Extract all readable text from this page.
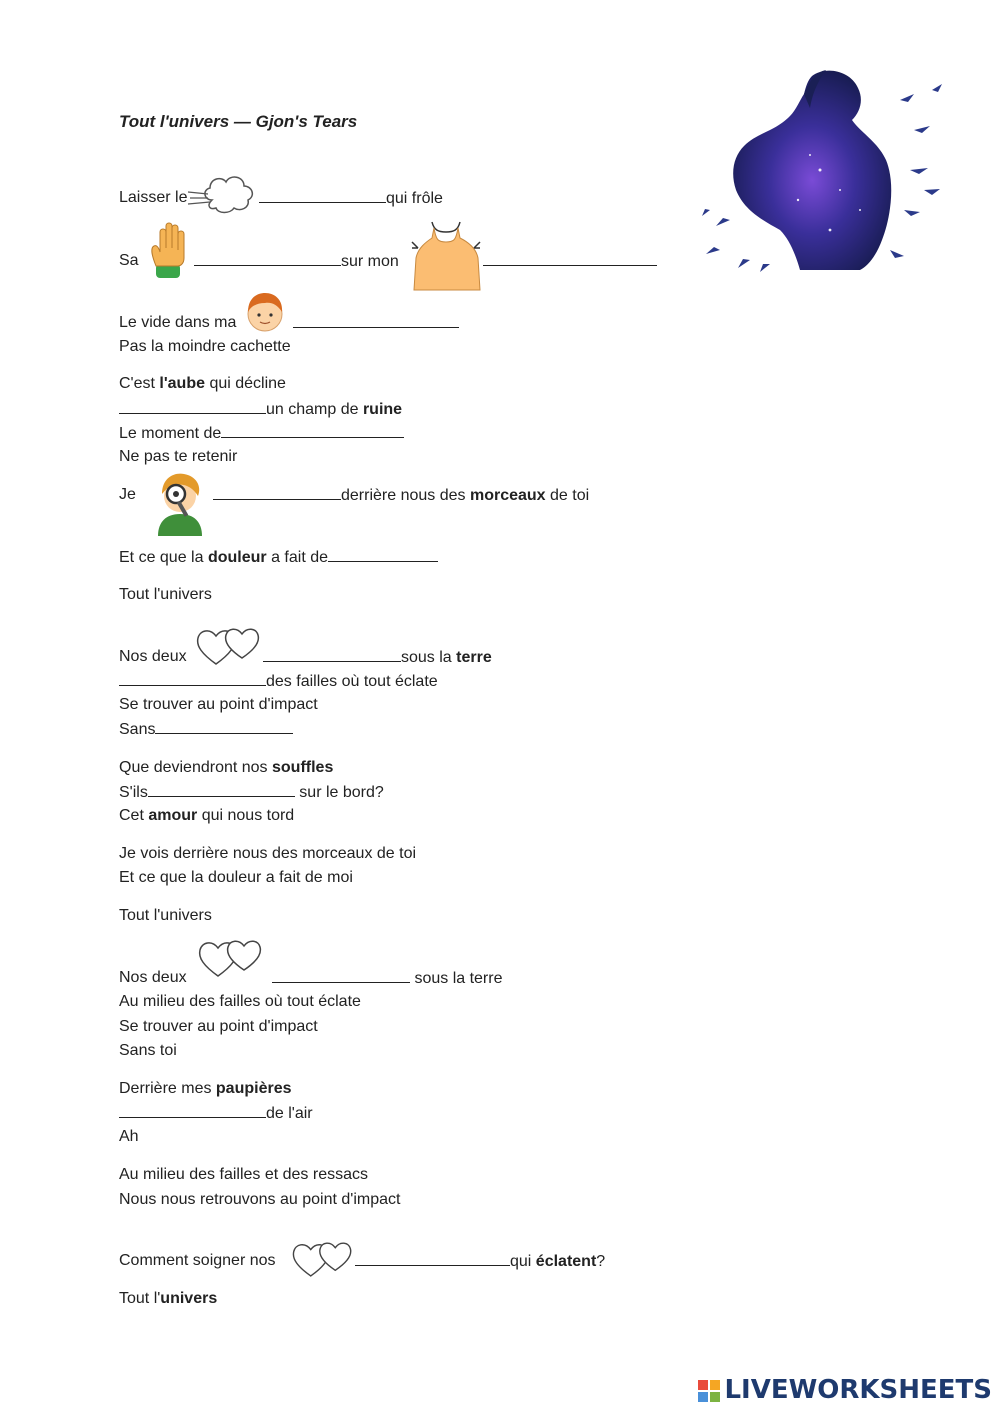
Tout l'univers — Gjon's Tears
Laisser le	qui frôle
Sa	sur mon
Le vide dans ma
Pas la moindre cachette
C'est l'aube qui décline
un champ de ruine
Le moment de
Ne pas te retenir
Je	derrière nous des morceaux de toi
Et ce que la douleur a fait de
Tout l'univers
Nos deux	sous la terre
des failles où tout éclate
Se trouver au point d'impact
Sans
Que deviendront nos souffles
S'ils	sur le bord?
Cet amour qui nous tord
Je vois derrière nous des morceaux de toi
Et ce que la douleur a fait de moi
Tout l'univers
Nos deux	sous la terre
Au milieu des failles où tout éclate
Se trouver au point d'impact
Sans toi
Derrière mes paupières
de l'air
Ah
Au milieu des failles et des ressacs
Nous nous retrouvons au point d'impact
Comment soigner nos	qui éclatent?
Tout l'univers
LIVEWORKSHEETS
